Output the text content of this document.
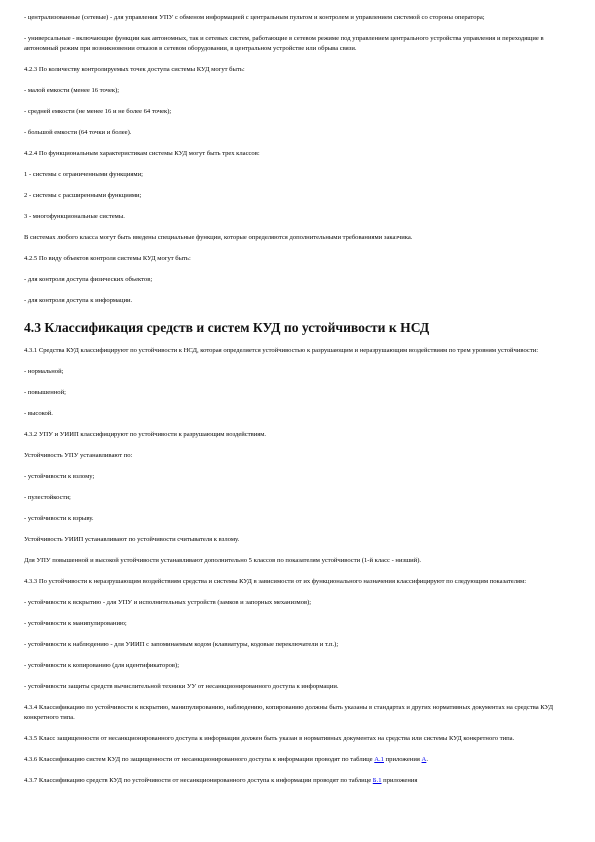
- централизованные (сетевые) - для управления УПУ с обменом информацией с центральным пультом и контролем и управлением системой со стороны оператора;

- универсальные - включающие функции как автономных, так и сетевых систем, работающие в сетевом режиме под управлением центрального устройства управления и переходящие в автономный режим при возникновении отказов в сетевом оборудовании, в центральном устройстве или обрыва связи.

4.2.3 По количеству контролируемых точек доступа системы КУД могут быть:

- малой емкости (менее 16 точек);

- средней емкости (не менее 16 и не более 64 точек);

- большой емкости (64 точки и более).

4.2.4 По функциональным характеристикам системы КУД могут быть трех классов:

1 - системы с ограниченными функциями;

2 - системы с расширенными функциями;

3 - многофункциональные системы.

В системах любого класса могут быть введены специальные функции, которые определяются дополнительными требованиями заказчика.

4.2.5 По виду объектов контроля системы КУД могут быть:

- для контроля доступа физических объектов;

- для контроля доступа к информации.

4.3 Классификация средств и систем КУД по устойчивости к НСД

4.3.1 Средства КУД классифицируют по устойчивости к НСД, которая определяется устойчивостью к разрушающим и неразрушающим воздействиям по трем уровням устойчивости:

- нормальной;

- повышенной;

- высокой.

4.3.2 УПУ и УИИП классифицируют по устойчивости к разрушающим воздействиям.

Устойчивость УПУ устанавливают по:

- устойчивости к взлому;

- пулестойкости;

- устойчивости к взрыву.

Устойчивость УИИП устанавливают по устойчивости считывателя к взлому.

Для УПУ повышенной и высокой устойчивости устанавливают дополнительно 5 классов по показателям устойчивости (1-й класс - низший).

4.3.3 По устойчивости к неразрушающим воздействиям средства и системы КУД в зависимости от их функционального назначения классифицируют по следующим показателям:

- устойчивости к вскрытию - для УПУ и исполнительных устройств (замков и запорных механизмов);

- устойчивости к манипулированию;

- устойчивости к наблюдению - для УИИП с запоминаемым кодом (клавиатуры, кодовые переключатели и т.п.);

- устойчивости к копированию (для идентификаторов);

- устойчивости защиты средств вычислительной техники УУ от несанкционированного доступа к информации.

4.3.4 Классификацию по устойчивости к вскрытию, манипулированию, наблюдению, копированию должны быть указаны в стандартах и других нормативных документах на средства КУД конкретного типа.

4.3.5 Класс защищенности от несанкционированного доступа к информации должен быть указан в нормативных документах на средства или системы КУД конкретного типа.

4.3.6 Классификацию систем КУД по защищенности от несанкционированного доступа к информации проводят по таблице А.1 приложения А.

4.3.7 Классификацию средств КУД по устойчивости от несанкционированного доступа к информации проводят по таблице Б.1 приложения
